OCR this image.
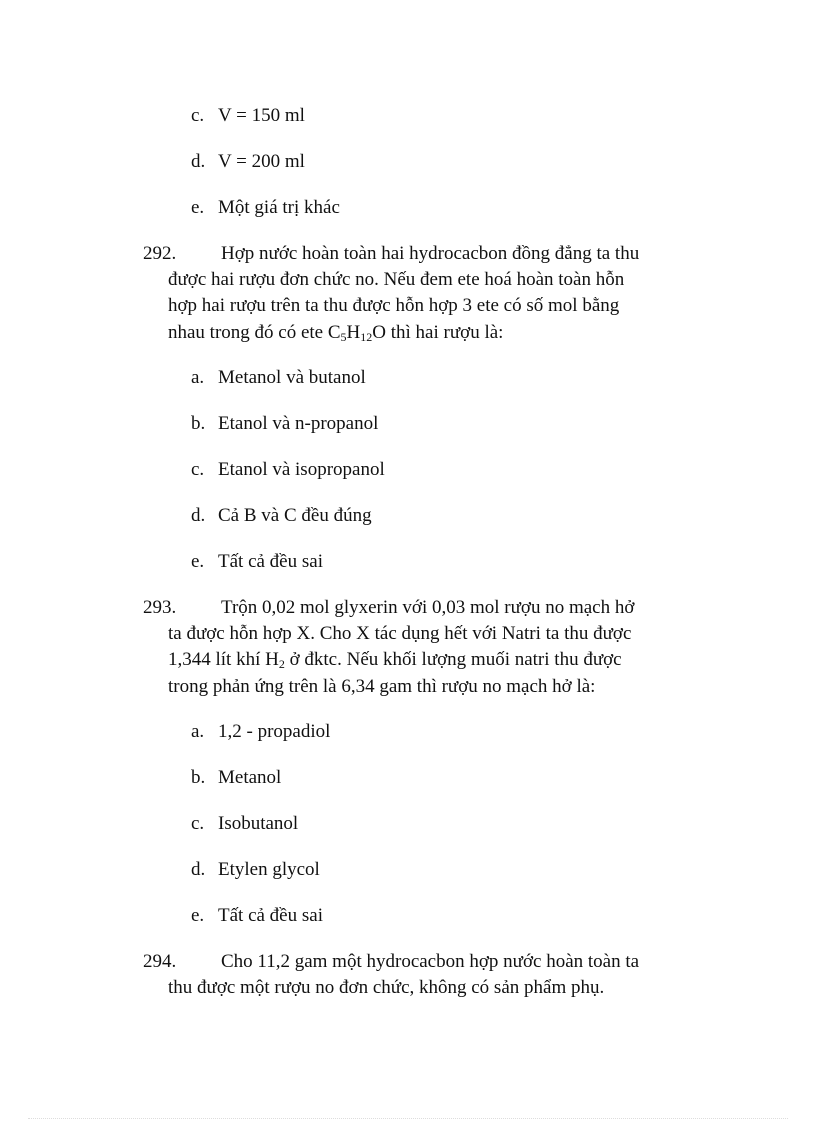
c. V = 150 ml
d. V = 200 ml
e. Một giá trị khác
292. Hợp nước hoàn toàn hai hydrocacbon đồng đẳng ta thu
được hai rượu đơn chức no. Nếu đem ete hoá hoàn toàn hỗn
hợp hai rượu trên ta thu được hỗn hợp 3 ete có số mol bằng
nhau trong đó có ete $C_5H_{12}O$ thì hai rượu là:
a. Metanol và butanol
b. Etanol và n-propanol
c. Etanol và isopropanol
d. Cả B và C đều đúng
e. Tất cả đều sai
293. Trộn 0,02 mol glyxerin với 0,03 mol rượu no mạch hở
ta được hỗn hợp X. Cho X tác dụng hết với Natri ta thu được
1,344 lít khí $H_2$ ở đktc. Nếu khối lượng muối natri thu được
trong phản ứng trên là 6,34 gam thì rượu no mạch hở là:
a. 1,2 - propadiol
b. Metanol
c. Isobutanol
d. Etylen glycol
e. Tất cả đều sai
294. Cho 11,2 gam một hydrocacbon hợp nước hoàn toàn ta
thu được một rượu no đơn chức, không có sản phẩm phụ.
